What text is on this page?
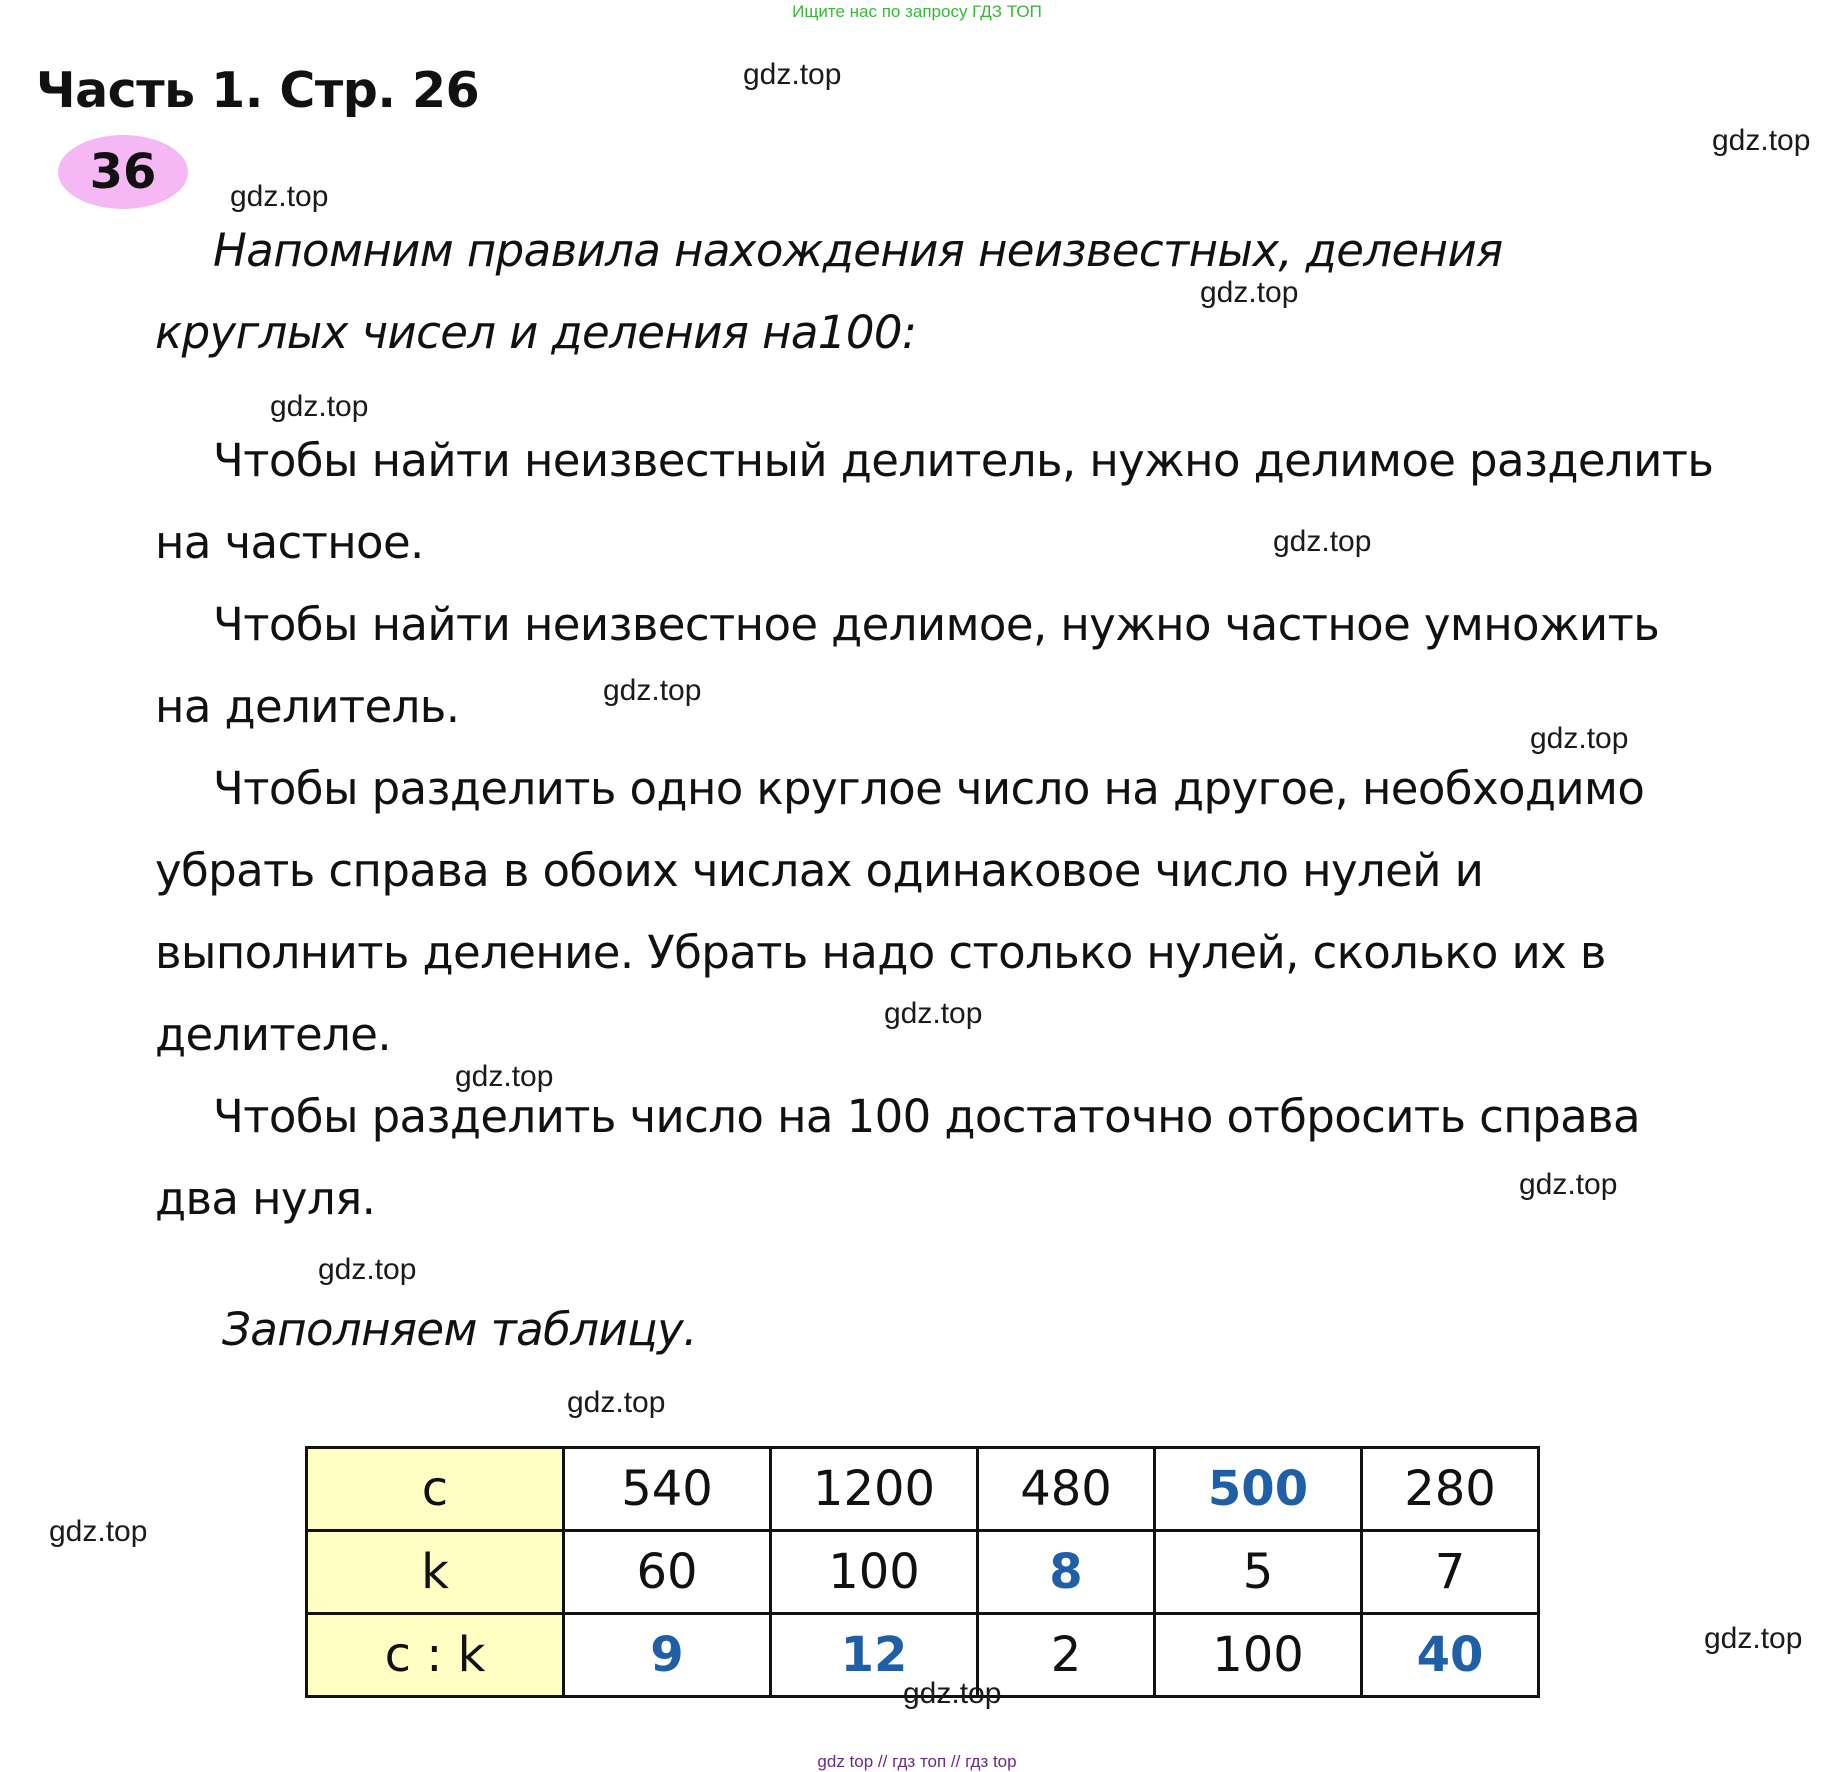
Ищите нас по запросу ГДЗ ТОП
Часть 1. Стр. 26
36
gdz.top
gdz.top
gdz.top
gdz.top
gdz.top
gdz.top
gdz.top
gdz.top
gdz.top
gdz.top
gdz.top
gdz.top
gdz.top
gdz.top
gdz.top
Напомним правила нахождения неизвестных, деления
круглых чисел и деления на100:
Чтобы найти неизвестный делитель, нужно делимое разделить
на частное.
Чтобы найти неизвестное делимое, нужно частное умножить
на делитель.
Чтобы разделить одно круглое число на другое, необходимо
убрать справа в обоих числах одинаковое число нулей и
выполнить деление. Убрать надо столько нулей, сколько их в
делителе.
Чтобы разделить число на 100 достаточно отбросить справа
два нуля.
Заполняем таблицу.
c	540	1200	480	500	280
k	60	100	8	5	7
c : k	9	12	2	100	40
gdz.top
gdz top // гдз топ // гдз top
